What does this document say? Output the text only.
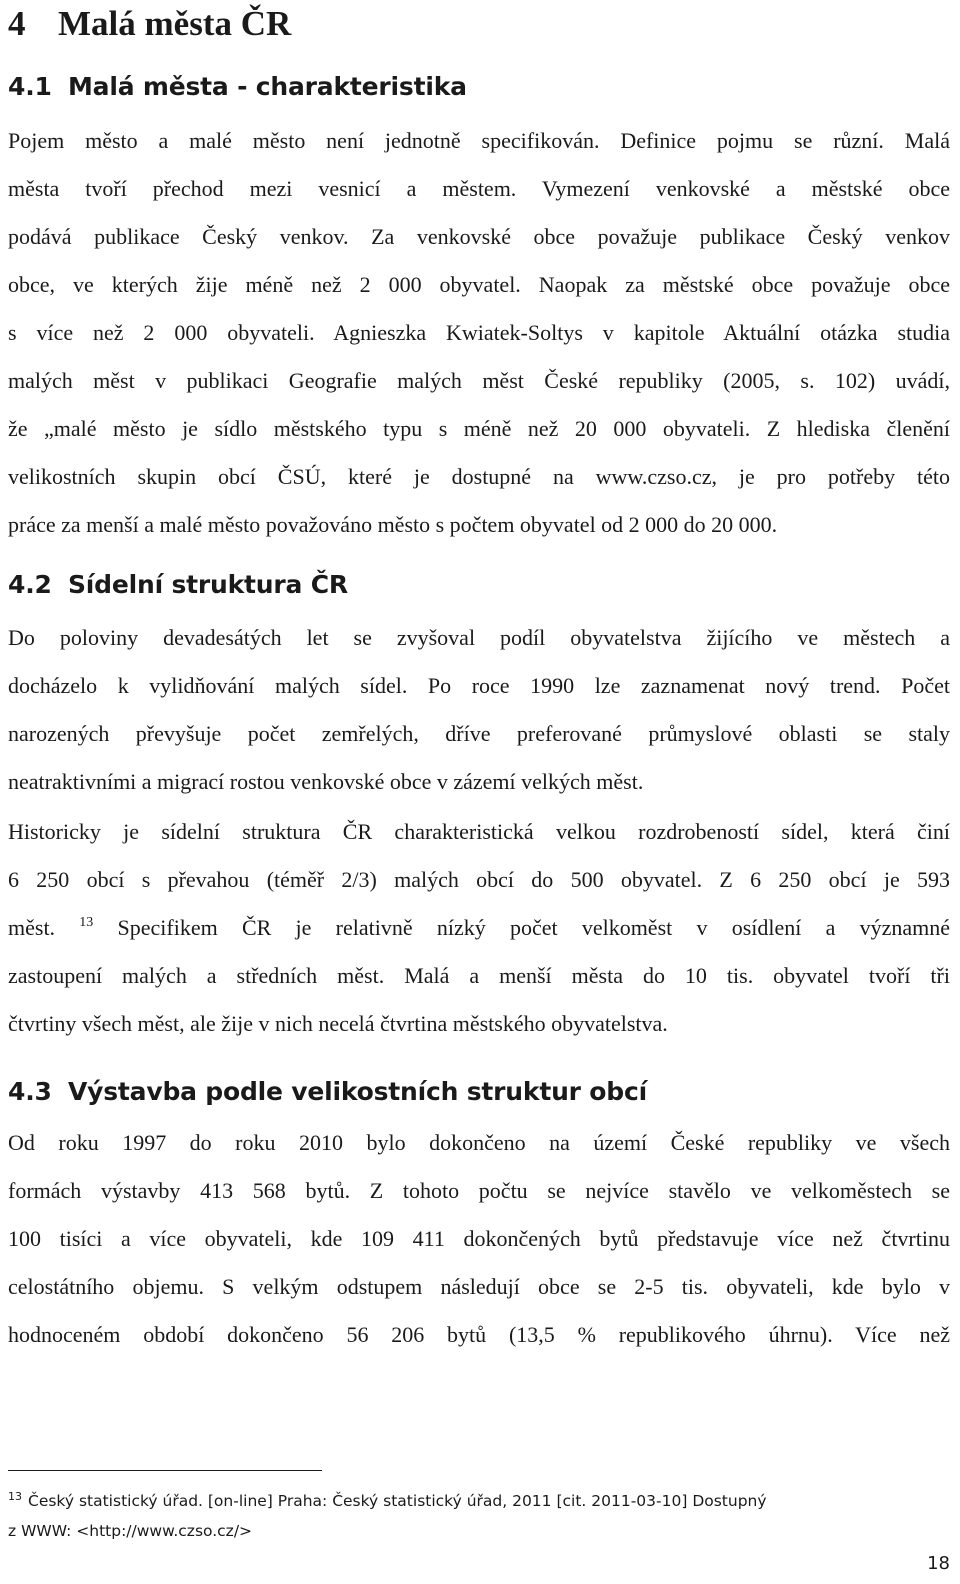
4 Malá města ČR
4.1 Malá města - charakteristika
Pojem město a malé město není jednotně specifikován. Definice pojmu se různí. Malá
města tvoří přechod mezi vesnicí a městem. Vymezení venkovské a městské obce
podává publikace Český venkov. Za venkovské obce považuje publikace Český venkov
obce, ve kterých žije méně než 2 000 obyvatel. Naopak za městské obce považuje obce
s více než 2 000 obyvateli. Agnieszka Kwiatek-Soltys v kapitole Aktuální otázka studia
malých měst v publikaci Geografie malých měst České republiky (2005, s. 102) uvádí,
že „malé město je sídlo městského typu s méně než 20 000 obyvateli. Z hlediska členění
velikostních skupin obcí ČSÚ, které je dostupné na www.czso.cz, je pro potřeby této
práce za menší a malé město považováno město s počtem obyvatel od 2 000 do 20 000.
4.2 Sídelní struktura ČR
Do poloviny devadesátých let se zvyšoval podíl obyvatelstva žijícího ve městech a
docházelo k vylidňování malých sídel. Po roce 1990 lze zaznamenat nový trend. Počet
narozených převyšuje počet zemřelých, dříve preferované průmyslové oblasti se staly
neatraktivními a migrací rostou venkovské obce v zázemí velkých měst.
Historicky je sídelní struktura ČR charakteristická velkou rozdrobeností sídel, která činí
6 250 obcí s převahou (téměř 2/3) malých obcí do 500 obyvatel. Z 6 250 obcí je 593
měst. $^{13}$ Specifikem ČR je relativně nízký počet velkoměst v osídlení a významné
zastoupení malých a středních měst. Malá a menší města do 10 tis. obyvatel tvoří tři
čtvrtiny všech měst, ale žije v nich necelá čtvrtina městského obyvatelstva.
4.3 Výstavba podle velikostních struktur obcí
Od roku 1997 do roku 2010 bylo dokončeno na území České republiky ve všech
formách výstavby 413 568 bytů. Z tohoto počtu se nejvíce stavělo ve velkoměstech se
100 tisíci a více obyvateli, kde 109 411 dokončených bytů představuje více než čtvrtinu
celostátního objemu. S velkým odstupem následují obce se 2-5 tis. obyvateli, kde bylo v
hodnoceném období dokončeno 56 206 bytů (13,5 % republikového úhrnu). Více než
$^{13}$ Český statistický úřad. [on-line] Praha: Český statistický úřad, 2011 [cit. 2011-03-10] Dostupný
z WWW: <http://www.czso.cz/>
18
